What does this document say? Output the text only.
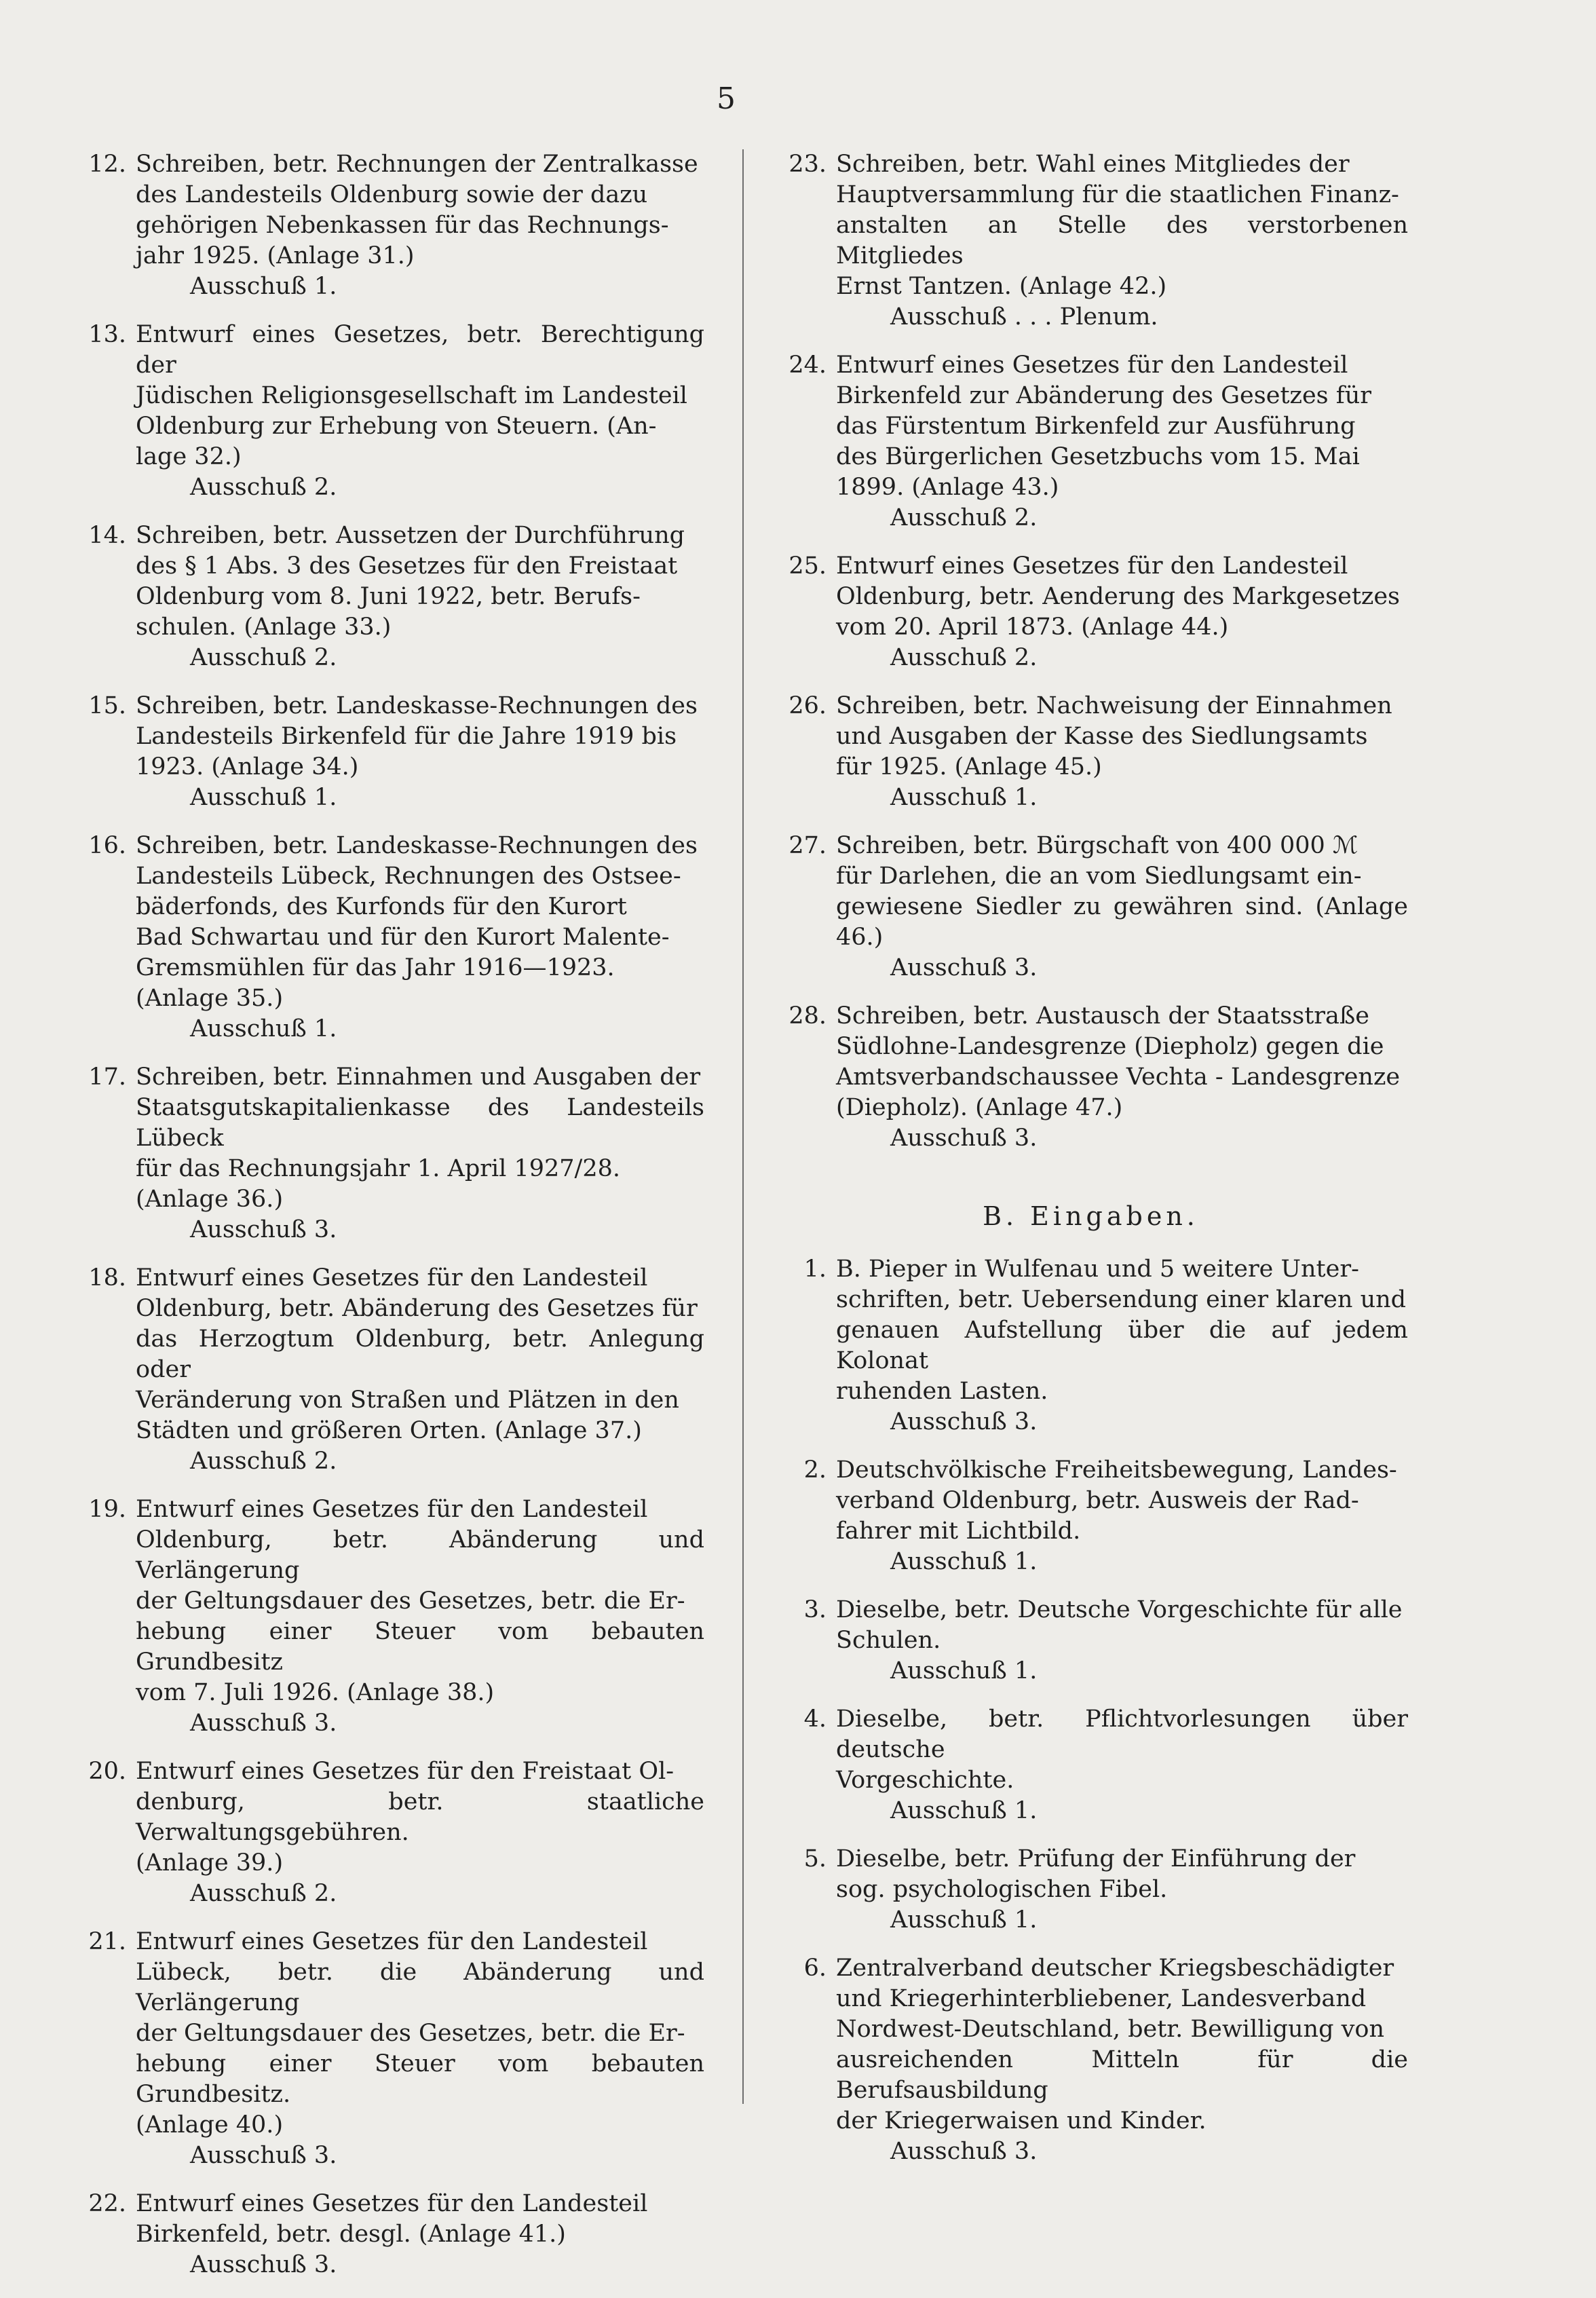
5
12. Schreiben, betr. Rechnungen der Zentralkasse
des Landesteils Oldenburg sowie der dazu
gehörigen Nebenkassen für das Rechnungs-
jahr 1925. (Anlage 31.)
Ausschuß 1.
13. Entwurf eines Gesetzes, betr. Berechtigung der
Jüdischen Religionsgesellschaft im Landesteil
Oldenburg zur Erhebung von Steuern. (An-
lage 32.)
Ausschuß 2.
14. Schreiben, betr. Aussetzen der Durchführung
des § 1 Abs. 3 des Gesetzes für den Freistaat
Oldenburg vom 8. Juni 1922, betr. Berufs-
schulen. (Anlage 33.)
Ausschuß 2.
15. Schreiben, betr. Landeskasse-Rechnungen des
Landesteils Birkenfeld für die Jahre 1919 bis
1923. (Anlage 34.)
Ausschuß 1.
16. Schreiben, betr. Landeskasse-Rechnungen des
Landesteils Lübeck, Rechnungen des Ostsee-
bäderfonds, des Kurfonds für den Kurort
Bad Schwartau und für den Kurort Malente-
Gremsmühlen für das Jahr 1916—1923.
(Anlage 35.)
Ausschuß 1.
17. Schreiben, betr. Einnahmen und Ausgaben der
Staatsgutskapitalienkasse des Landesteils Lübeck
für das Rechnungsjahr 1. April 1927/28.
(Anlage 36.)
Ausschuß 3.
18. Entwurf eines Gesetzes für den Landesteil
Oldenburg, betr. Abänderung des Gesetzes für
das Herzogtum Oldenburg, betr. Anlegung oder
Veränderung von Straßen und Plätzen in den
Städten und größeren Orten. (Anlage 37.)
Ausschuß 2.
19. Entwurf eines Gesetzes für den Landesteil
Oldenburg, betr. Abänderung und Verlängerung
der Geltungsdauer des Gesetzes, betr. die Er-
hebung einer Steuer vom bebauten Grundbesitz
vom 7. Juli 1926. (Anlage 38.)
Ausschuß 3.
20. Entwurf eines Gesetzes für den Freistaat Ol-
denburg, betr. staatliche Verwaltungsgebühren.
(Anlage 39.)
Ausschuß 2.
21. Entwurf eines Gesetzes für den Landesteil
Lübeck, betr. die Abänderung und Verlängerung
der Geltungsdauer des Gesetzes, betr. die Er-
hebung einer Steuer vom bebauten Grundbesitz.
(Anlage 40.)
Ausschuß 3.
22. Entwurf eines Gesetzes für den Landesteil
Birkenfeld, betr. desgl. (Anlage 41.)
Ausschuß 3.
23. Schreiben, betr. Wahl eines Mitgliedes der
Hauptversammlung für die staatlichen Finanz-
anstalten an Stelle des verstorbenen Mitgliedes
Ernst Tantzen. (Anlage 42.)
Ausschuß . . . Plenum.
24. Entwurf eines Gesetzes für den Landesteil
Birkenfeld zur Abänderung des Gesetzes für
das Fürstentum Birkenfeld zur Ausführung
des Bürgerlichen Gesetzbuchs vom 15. Mai
1899. (Anlage 43.)
Ausschuß 2.
25. Entwurf eines Gesetzes für den Landesteil
Oldenburg, betr. Aenderung des Markgesetzes
vom 20. April 1873. (Anlage 44.)
Ausschuß 2.
26. Schreiben, betr. Nachweisung der Einnahmen
und Ausgaben der Kasse des Siedlungsamts
für 1925. (Anlage 45.)
Ausschuß 1.
27. Schreiben, betr. Bürgschaft von 400 000 ℳ
für Darlehen, die an vom Siedlungsamt ein-
gewiesene Siedler zu gewähren sind. (Anlage 46.)
Ausschuß 3.
28. Schreiben, betr. Austausch der Staatsstraße
Südlohne-Landesgrenze (Diepholz) gegen die
Amtsverbandschaussee Vechta - Landesgrenze
(Diepholz). (Anlage 47.)
Ausschuß 3.
B. Eingaben.
1. B. Pieper in Wulfenau und 5 weitere Unter-
schriften, betr. Uebersendung einer klaren und
genauen Aufstellung über die auf jedem Kolonat
ruhenden Lasten.
Ausschuß 3.
2. Deutschvölkische Freiheitsbewegung, Landes-
verband Oldenburg, betr. Ausweis der Rad-
fahrer mit Lichtbild.
Ausschuß 1.
3. Dieselbe, betr. Deutsche Vorgeschichte für alle
Schulen.
Ausschuß 1.
4. Dieselbe, betr. Pflichtvorlesungen über deutsche
Vorgeschichte.
Ausschuß 1.
5. Dieselbe, betr. Prüfung der Einführung der
sog. psychologischen Fibel.
Ausschuß 1.
6. Zentralverband deutscher Kriegsbeschädigter
und Kriegerhinterbliebener, Landesverband
Nordwest-Deutschland, betr. Bewilligung von
ausreichenden Mitteln für die Berufsausbildung
der Kriegerwaisen und Kinder.
Ausschuß 3.
